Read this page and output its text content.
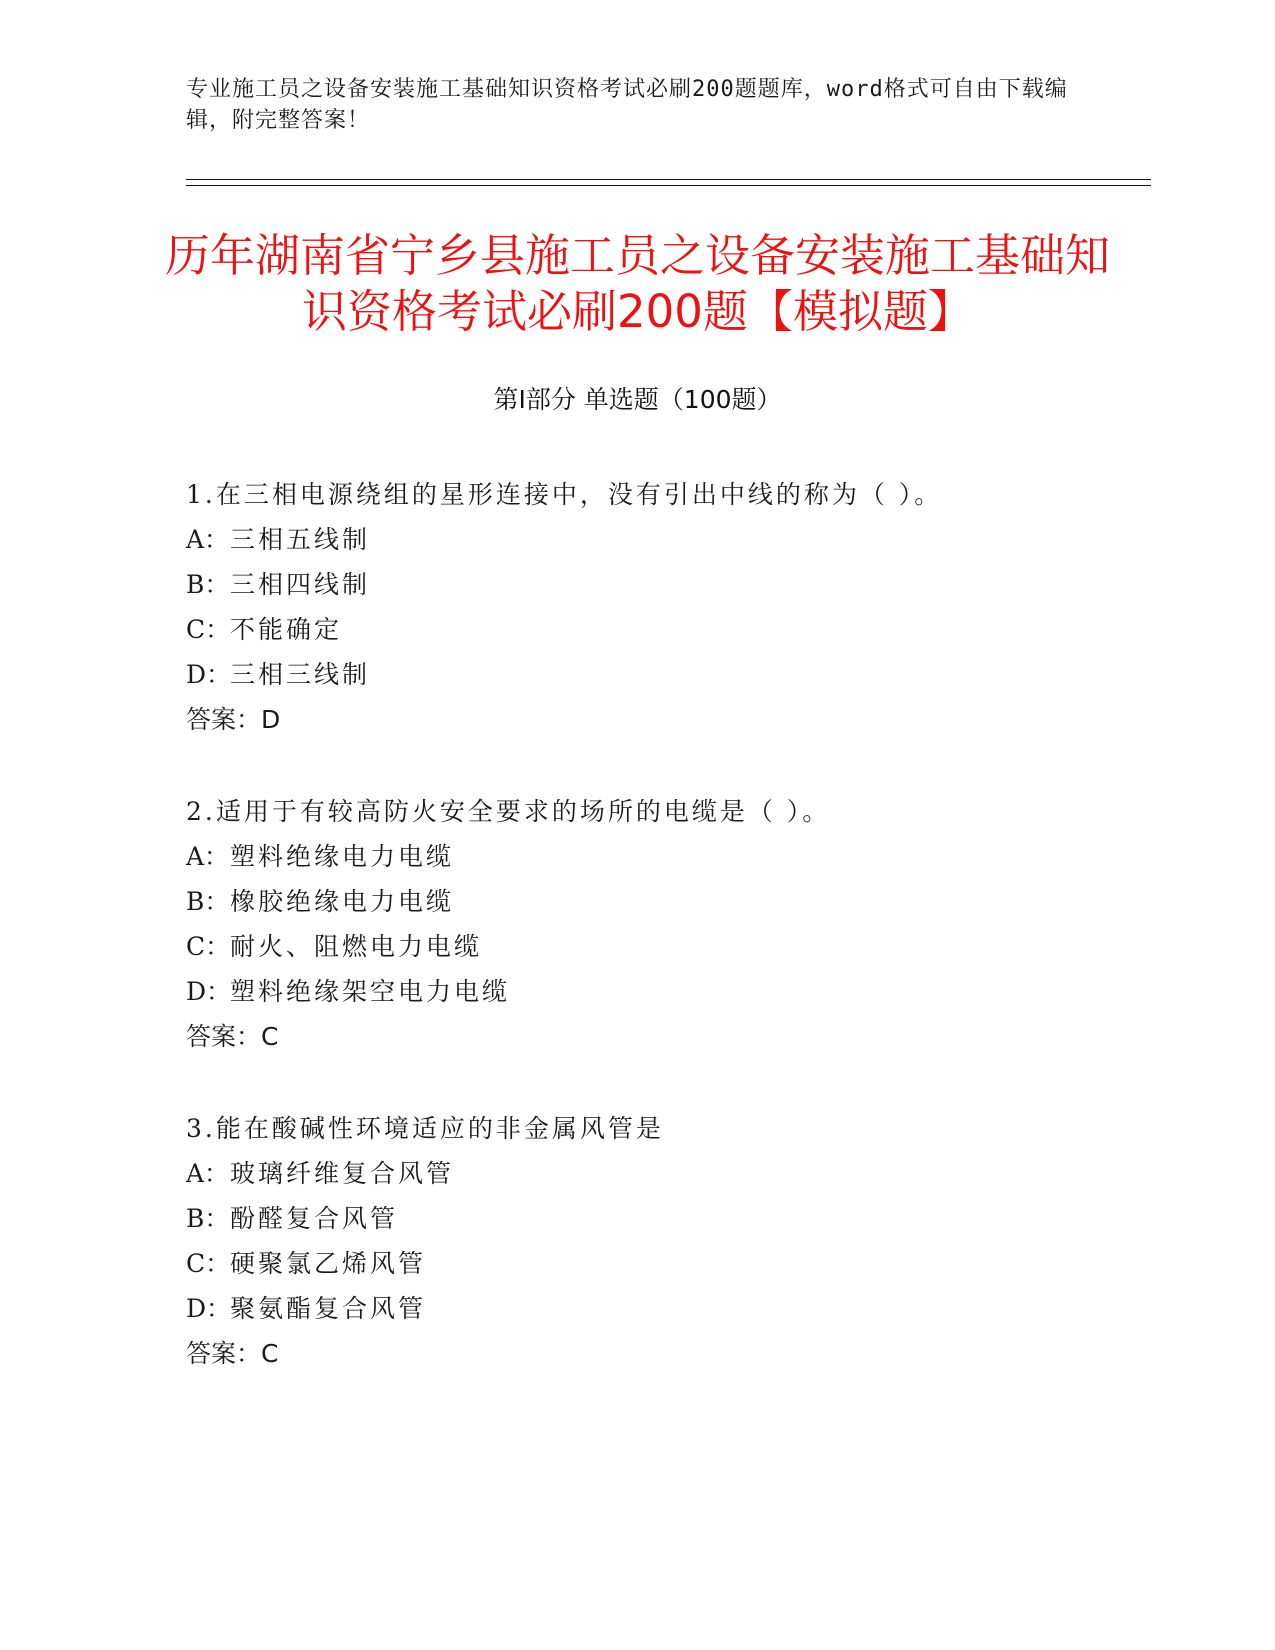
专业施工员之设备安装施工基础知识资格考试必刷200题题库，word格式可自由下载编辑，附完整答案！
历年湖南省宁乡县施工员之设备安装施工基础知识资格考试必刷200题【模拟题】
第Ⅰ部分 单选题（100题）
1.在三相电源绕组的星形连接中，没有引出中线的称为（ ）。
A：三相五线制
B：三相四线制
C：不能确定
D：三相三线制
答案：D
2.适用于有较高防火安全要求的场所的电缆是（ ）。
A：塑料绝缘电力电缆
B：橡胶绝缘电力电缆
C：耐火、阻燃电力电缆
D：塑料绝缘架空电力电缆
答案：C
3.能在酸碱性环境适应的非金属风管是
A：玻璃纤维复合风管
B：酚醛复合风管
C：硬聚氯乙烯风管
D：聚氨酯复合风管
答案：C
